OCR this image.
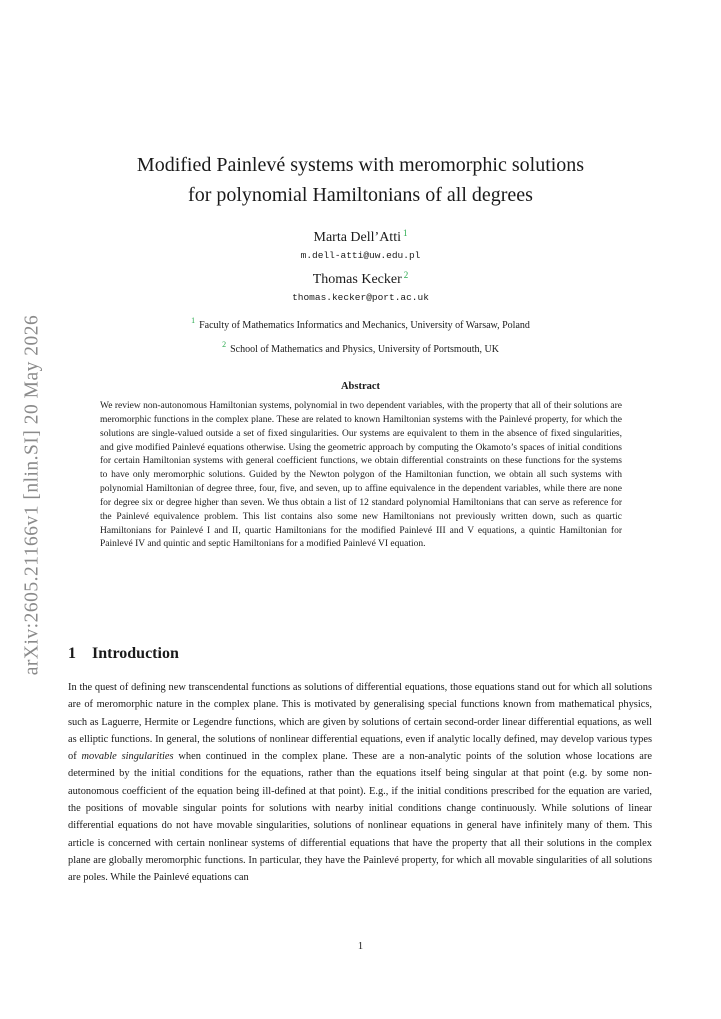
arXiv:2605.21166v1 [nlin.SI] 20 May 2026
Modified Painlevé systems with meromorphic solutions
for polynomial Hamiltonians of all degrees
Marta Dell’Atti $^1$
m.dell-atti@uw.edu.pl
Thomas Kecker $^2$
thomas.kecker@port.ac.uk
$^1$ Faculty of Mathematics Informatics and Mechanics, University of Warsaw, Poland
$^2$ School of Mathematics and Physics, University of Portsmouth, UK
Abstract
We review non-autonomous Hamiltonian systems, polynomial in two dependent variables, with the property that all of their solutions are meromorphic functions in the complex plane. These are related to known Hamiltonian systems with the Painlevé property, for which the solutions are single-valued outside a set of fixed singularities. Our systems are equivalent to them in the absence of fixed singularities, and give modified Painlevé equations otherwise. Using the geometric approach by computing the Okamoto’s spaces of initial conditions for certain Hamiltonian systems with general coefficient functions, we obtain differential constraints on these functions for the systems to have only meromorphic solutions. Guided by the Newton polygon of the Hamiltonian function, we obtain all such systems with polynomial Hamiltonian of degree three, four, five, and seven, up to affine equivalence in the dependent variables, while there are none for degree six or degree higher than seven. We thus obtain a list of 12 standard polynomial Hamiltonians that can serve as reference for the Painlevé equivalence problem. This list contains also some new Hamiltonians not previously written down, such as quartic Hamiltonians for Painlevé I and II, quartic Hamiltonians for the modified Painlevé III and V equations, a quintic Hamiltonian for Painlevé IV and quintic and septic Hamiltonians for a modified Painlevé VI equation.
1 Introduction
In the quest of defining new transcendental functions as solutions of differential equations, those equations stand out for which all solutions are of meromorphic nature in the complex plane. This is motivated by generalising special functions known from mathematical physics, such as Laguerre, Hermite or Legendre functions, which are given by solutions of certain second-order linear differential equations, as well as elliptic functions. In general, the solutions of nonlinear differential equations, even if analytic locally defined, may develop various types of movable singularities when continued in the complex plane. These are a non-analytic points of the solution whose locations are determined by the initial conditions for the equations, rather than the equations itself being singular at that point (e.g. by some non-autonomous coefficient of the equation being ill-defined at that point). E.g., if the initial conditions prescribed for the equation are varied, the positions of movable singular points for solutions with nearby initial conditions change continuously. While solutions of linear differential equations do not have movable singularities, solutions of nonlinear equations in general have infinitely many of them. This article is concerned with certain nonlinear systems of differential equations that have the property that all their solutions in the complex plane are globally meromorphic functions. In particular, they have the Painlevé property, for which all movable singularities of all solutions are poles. While the Painlevé equations can
1
